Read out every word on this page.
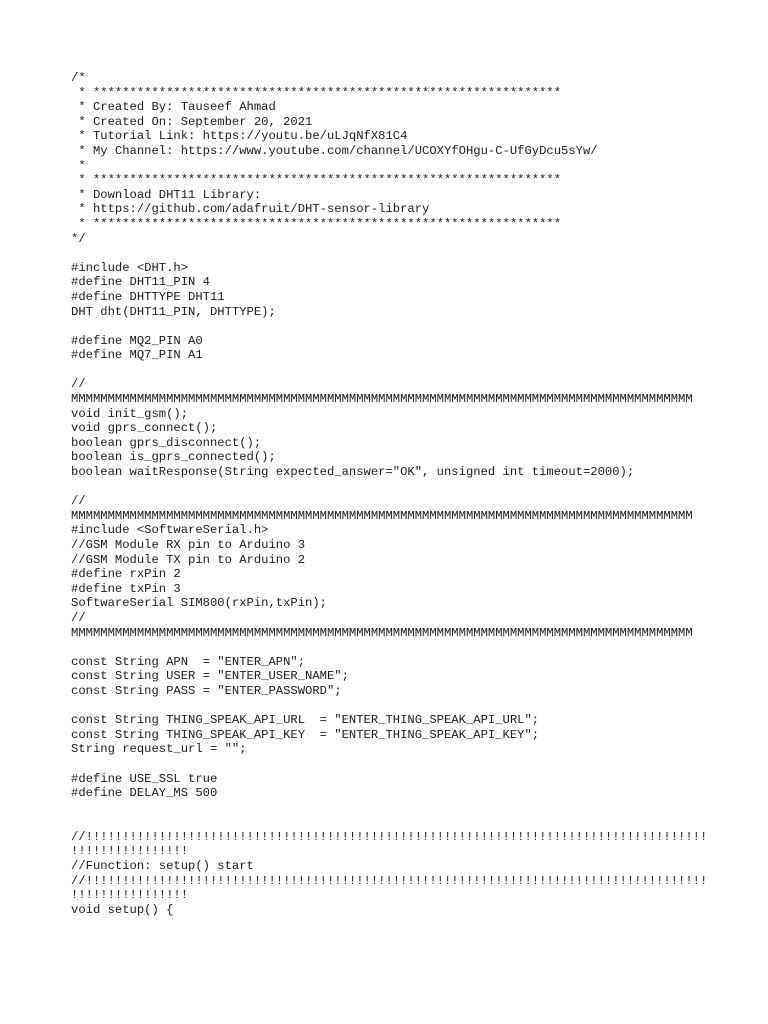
/*
* ****************************************************************
* Created By: Tauseef Ahmad
* Created On: September 20, 2021
* Tutorial Link: https://youtu.be/uLJqNfX81C4
* My Channel: https://www.youtube.com/channel/UCOXYfOHgu-C-UfGyDcu5sYw/
*
* ****************************************************************
* Download DHT11 Library:
* https://github.com/adafruit/DHT-sensor-library
* ****************************************************************
*/
#include <DHT.h>
#define DHT11_PIN 4
#define DHTTYPE DHT11
DHT dht(DHT11_PIN, DHTTYPE);
#define MQ2_PIN A0
#define MQ7_PIN A1
//
MMMMMMMMMMMMMMMMMMMMMMMMMMMMMMMMMMMMMMMMMMMMMMMMMMMMMMMMMMMMMMMMMMMMMMMMMMMMMMMMMMMMM
void init_gsm();
void gprs_connect();
boolean gprs_disconnect();
boolean is_gprs_connected();
boolean waitResponse(String expected_answer="OK", unsigned int timeout=2000);
//
MMMMMMMMMMMMMMMMMMMMMMMMMMMMMMMMMMMMMMMMMMMMMMMMMMMMMMMMMMMMMMMMMMMMMMMMMMMMMMMMMMMMM
#include <SoftwareSerial.h>
//GSM Module RX pin to Arduino 3
//GSM Module TX pin to Arduino 2
#define rxPin 2
#define txPin 3
SoftwareSerial SIM800(rxPin,txPin);
//
MMMMMMMMMMMMMMMMMMMMMMMMMMMMMMMMMMMMMMMMMMMMMMMMMMMMMMMMMMMMMMMMMMMMMMMMMMMMMMMMMMMMM
const String APN  = "ENTER_APN";
const String USER = "ENTER_USER_NAME";
const String PASS = "ENTER_PASSWORD";
const String THING_SPEAK_API_URL  = "ENTER_THING_SPEAK_API_URL";
const String THING_SPEAK_API_KEY  = "ENTER_THING_SPEAK_API_KEY";
String request_url = "";
#define USE_SSL true
#define DELAY_MS 500
//!!!!!!!!!!!!!!!!!!!!!!!!!!!!!!!!!!!!!!!!!!!!!!!!!!!!!!!!!!!!!!!!!!!!!!!!!!!!!!!!!!!!!
!!!!!!!!!!!!!!!!
//Function: setup() start
//!!!!!!!!!!!!!!!!!!!!!!!!!!!!!!!!!!!!!!!!!!!!!!!!!!!!!!!!!!!!!!!!!!!!!!!!!!!!!!!!!!!!!
!!!!!!!!!!!!!!!!
void setup() {
